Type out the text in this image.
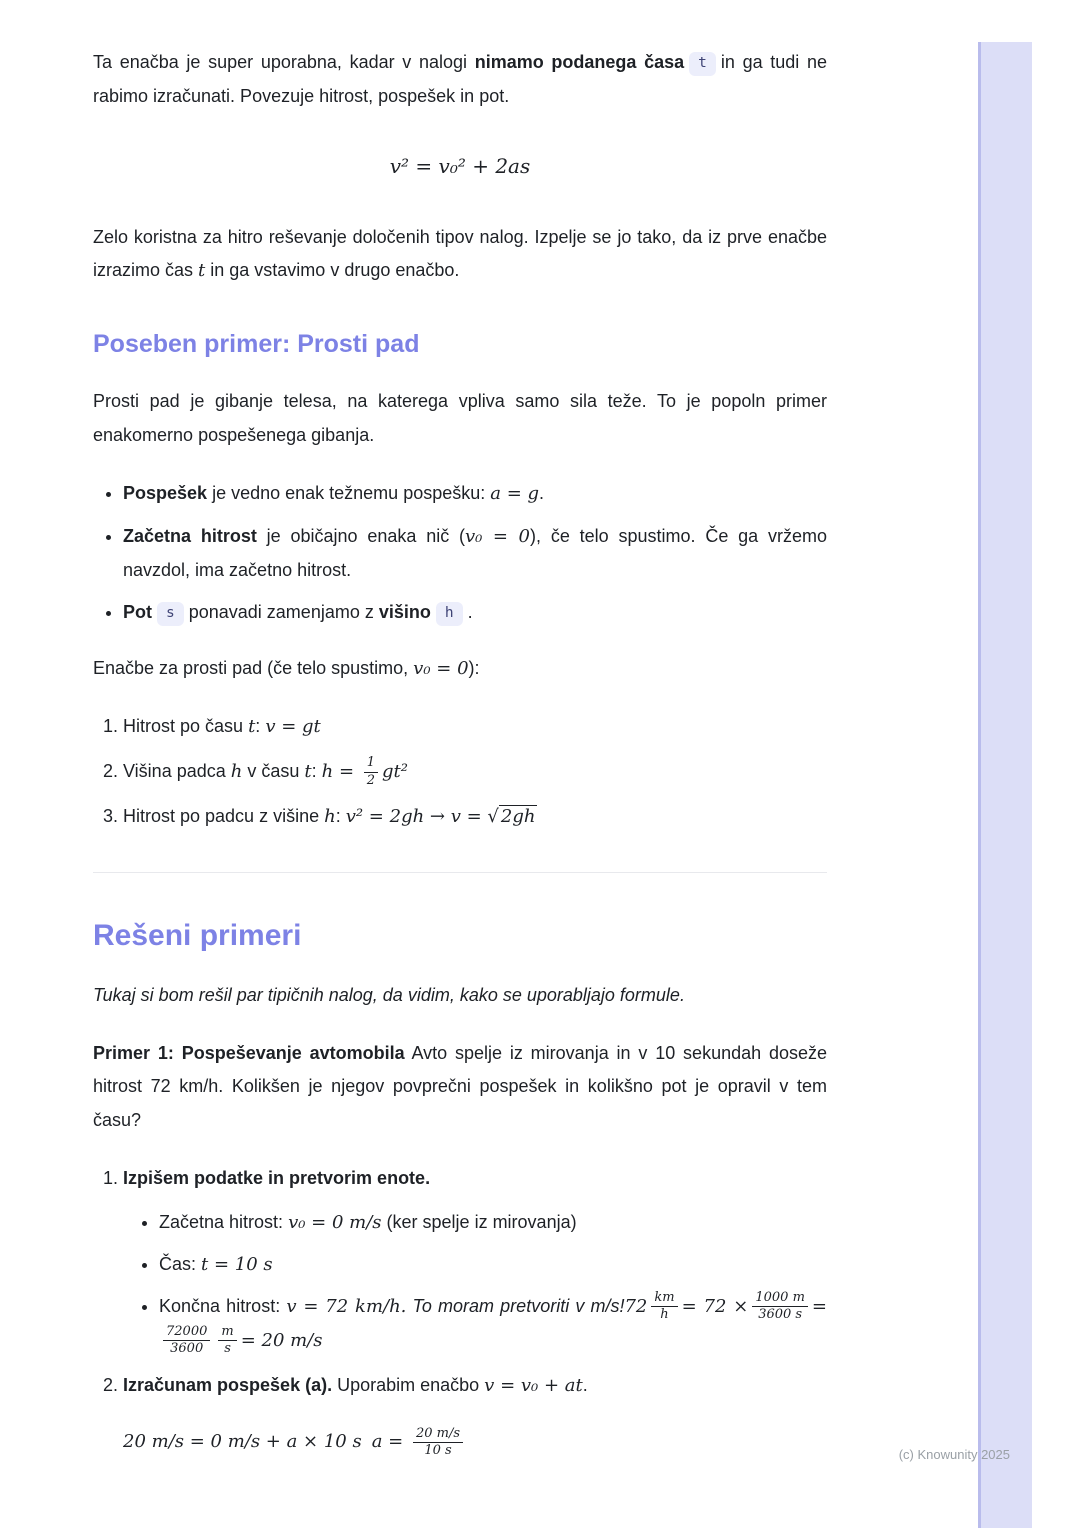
Ta enačba je super uporabna, kadar v nalogi nimamo podanega časa t in ga tudi ne rabimo izračunati. Povezuje hitrost, pospešek in pot.

v² = v₀² + 2as

Zelo koristna za hitro reševanje določenih tipov nalog. Izpelje se jo tako, da iz prve enačbe izrazimo čas t in ga vstavimo v drugo enačbo.

Poseben primer: Prosti pad

Prosti pad je gibanje telesa, na katerega vpliva samo sila teže. To je popoln primer enakomerno pospešenega gibanja.

• Pospešek je vedno enak težnemu pospešku: a = g.
• Začetna hitrost je običajno enaka nič (v₀ = 0), če telo spustimo. Če ga vržemo navzdol, ima začetno hitrost.
• Pot s ponavadi zamenjamo z višino h .

Enačbe za prosti pad (če telo spustimo, v₀ = 0):

1. Hitrost po času t: v = gt
2. Višina padca h v času t: $h = \frac{1}{2} gt^2$
3. Hitrost po padcu z višine h: v² = 2gh → v = √ 2gh
Rešeni primeri

Tukaj si bom rešil par tipičnih nalog, da vidim, kako se uporabljajo formule.

Primer 1: Pospeševanje avtomobila Avto spelje iz mirovanja in v 10 sekundah doseže hitrost 72 km/h. Kolikšen je njegov povprečni pospešek in kolikšno pot je opravil v tem času?

1. Izpišem podatke in pretvorim enote.
• Začetna hitrost: v₀ = 0 m/s (ker spelje iz mirovanja)
• Čas: t = 10 s
• Končna hitrost: v = 72 km/h. To moram pretvoriti v $m/s!72 \frac{km}{h} = 72 \times \frac{1000 m}{3600 s}$ =
$\frac{72000}{3600} \frac{m}{s} = 20$ m/s
2. Izračunam pospešek (a). Uporabim enačbo v = v₀ + at.

20 m/s = 0 m/s + a × 10 s $a = \frac{20 m/s}{10 s}$	(c) Knowunity 2025
